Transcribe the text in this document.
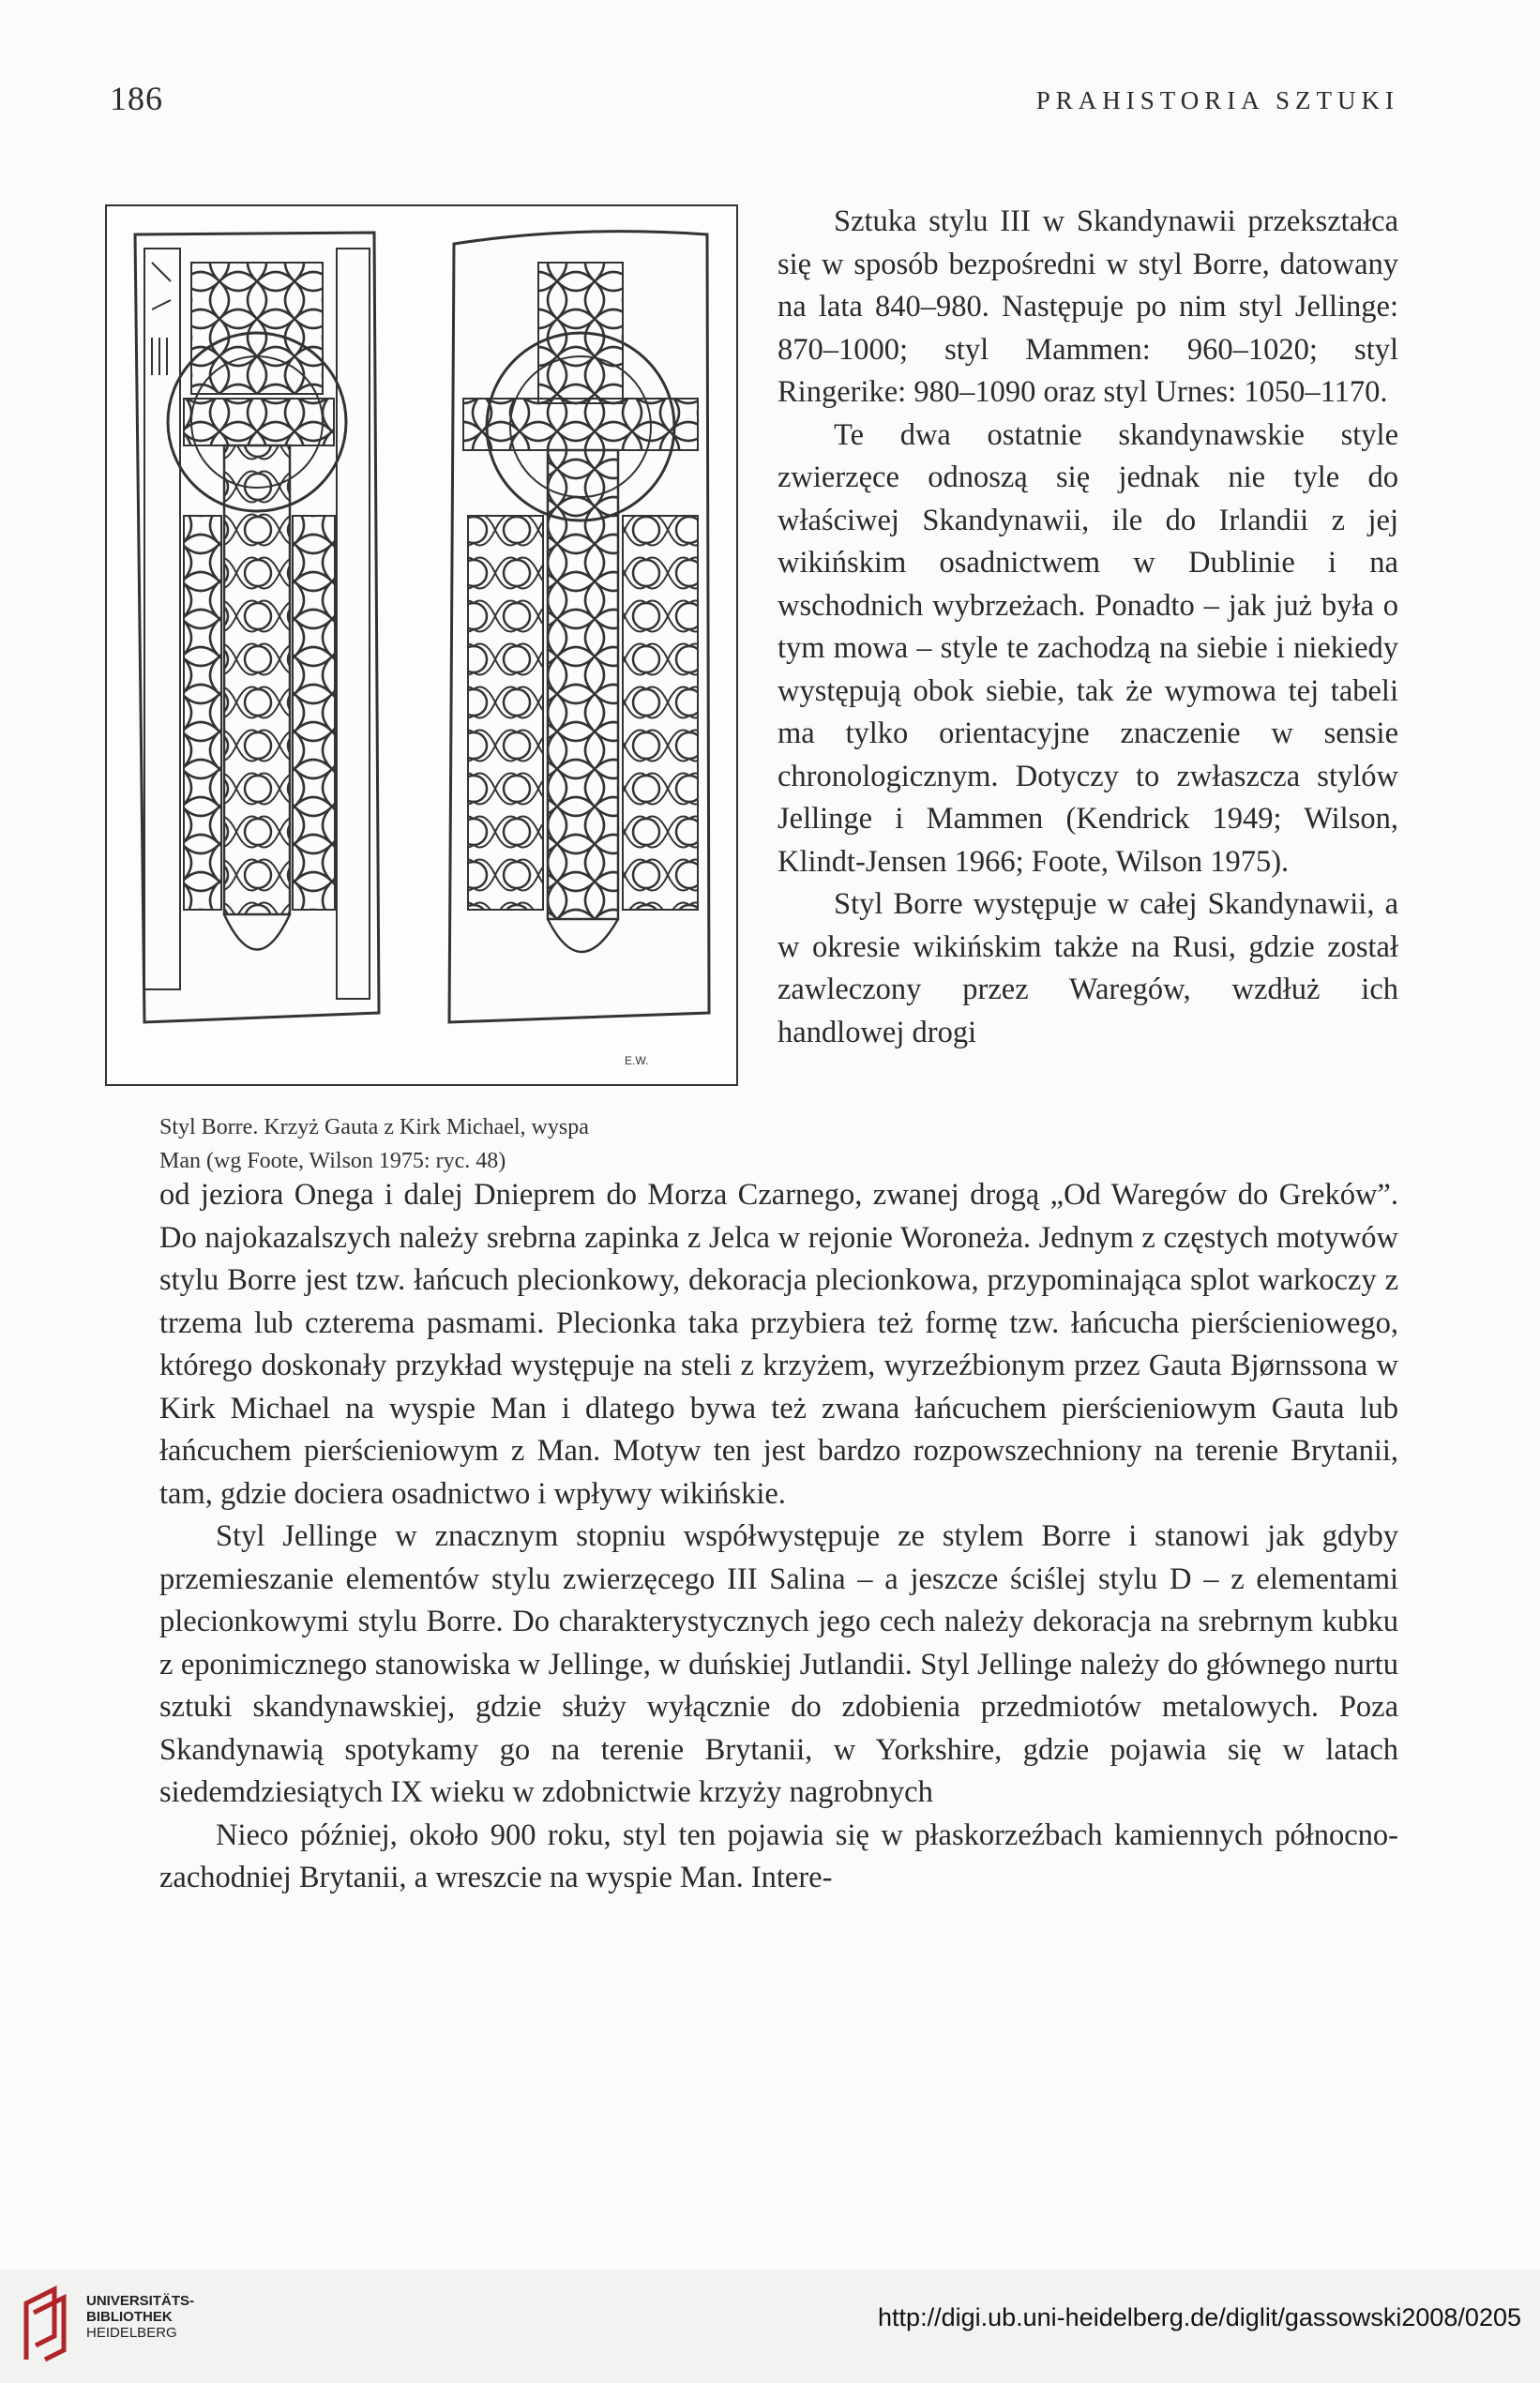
186	PRAHISTORIA SZTUKI
E.W.
Styl Borre. Krzyż Gauta z Kirk Michael, wyspa
Man (wg Foote, Wilson 1975: ryc. 48)

Sztuka stylu III w Skandynawii przekształca się w sposób bezpośredni w styl Borre, datowany na lata 840–980. Następuje po nim styl Jellinge: 870–1000; styl Mammen: 960–1020; styl Ringerike: 980–1090 oraz styl Urnes: 1050–1170.

Te dwa ostatnie skandynawskie style zwierzęce odnoszą się jednak nie tyle do właściwej Skandynawii, ile do Irlandii z jej wikińskim osadnictwem w Dublinie i na wschodnich wybrzeżach. Ponadto – jak już była o tym mowa – style te zachodzą na siebie i niekiedy występują obok siebie, tak że wymowa tej tabeli ma tylko orientacyjne znaczenie w sensie chronologicznym. Dotyczy to zwłaszcza stylów Jellinge i Mammen (Kendrick 1949; Wilson, Klindt-Jensen 1966; Foote, Wilson 1975).

Styl Borre występuje w całej Skandynawii, a w okresie wikińskim także na Rusi, gdzie został zawleczony przez Waregów, wzdłuż ich handlowej drogi

od jeziora Onega i dalej Dnieprem do Morza Czarnego, zwanej drogą „Od Waregów do Greków”. Do najokazalszych należy srebrna zapinka z Jelca w rejonie Woroneża. Jednym z częstych motywów stylu Borre jest tzw. łańcuch plecionkowy, dekoracja plecionkowa, przypominająca splot warkoczy z trzema lub czterema pasmami. Plecionka taka przybiera też formę tzw. łańcucha pierścieniowego, którego doskonały przykład występuje na steli z krzyżem, wyrzeźbionym przez Gauta Bjørnssona w Kirk Michael na wyspie Man i dlatego bywa też zwana łańcuchem pierścieniowym Gauta lub łańcuchem pierścieniowym z Man. Motyw ten jest bardzo rozpowszechniony na terenie Brytanii, tam, gdzie dociera osadnictwo i wpływy wikińskie.

Styl Jellinge w znacznym stopniu współwystępuje ze stylem Borre i stanowi jak gdyby przemieszanie elementów stylu zwierzęcego III Salina – a jeszcze ściślej stylu D – z elementami plecionkowymi stylu Borre. Do charakterystycznych jego cech należy dekoracja na srebrnym kubku z eponimicznego stanowiska w Jellinge, w duńskiej Jutlandii. Styl Jellinge należy do głównego nurtu sztuki skandynawskiej, gdzie służy wyłącznie do zdobienia przedmiotów metalowych. Poza Skandynawią spotykamy go na terenie Brytanii, w Yorkshire, gdzie pojawia się w latach siedemdziesiątych IX wieku w zdobnictwie krzyży nagrobnych

Nieco później, około 900 roku, styl ten pojawia się w płaskorzeźbach kamiennych północno-zachodniej Brytanii, a wreszcie na wyspie Man. Intere-

UNIVERSITÄTS-
BIBLIOTHEK
HEIDELBERG
http://digi.ub.uni-heidelberg.de/diglit/gassowski2008/0205
